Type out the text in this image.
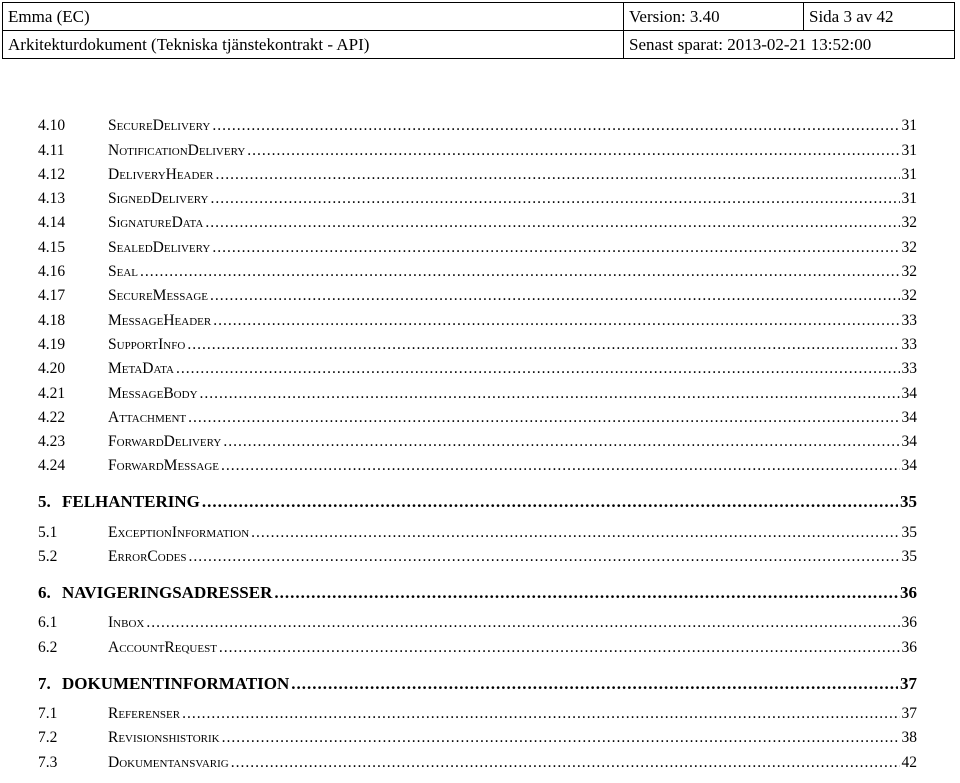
Emma (EC)	Version: 3.40	Sida 3 av 42
Arkitekturdokument (Tekniska tjänstekontrakt - API)	Senast sparat: 2013-02-21 13:52:00	
4.10	SecureDelivery .....	31
4.11	NotificationDelivery .....	31
4.12	DeliveryHeader .....	31
4.13	SignedDelivery .....	31
4.14	SignatureData .....	32
4.15	SealedDelivery .....	32
4.16	Seal .....	32
4.17	SecureMessage .....	32
4.18	MessageHeader .....	33
4.19	SupportInfo .....	33
4.20	MetaData .....	33
4.21	MessageBody .....	34
4.22	Attachment .....	34
4.23	ForwardDelivery .....	34
4.24	ForwardMessage .....	34
5. FELHANTERING .....	35
5.1	ExceptionInformation .....	35
5.2	ErrorCodes .....	35
6. NAVIGERINGSADRESSER .....	36
6.1	Inbox .....	36
6.2	AccountRequest .....	36
7. DOKUMENTINFORMATION .....	37
7.1	Referenser .....	37
7.2	Revisionshistorik .....	38
7.3	Dokumentansvarig .....	42
